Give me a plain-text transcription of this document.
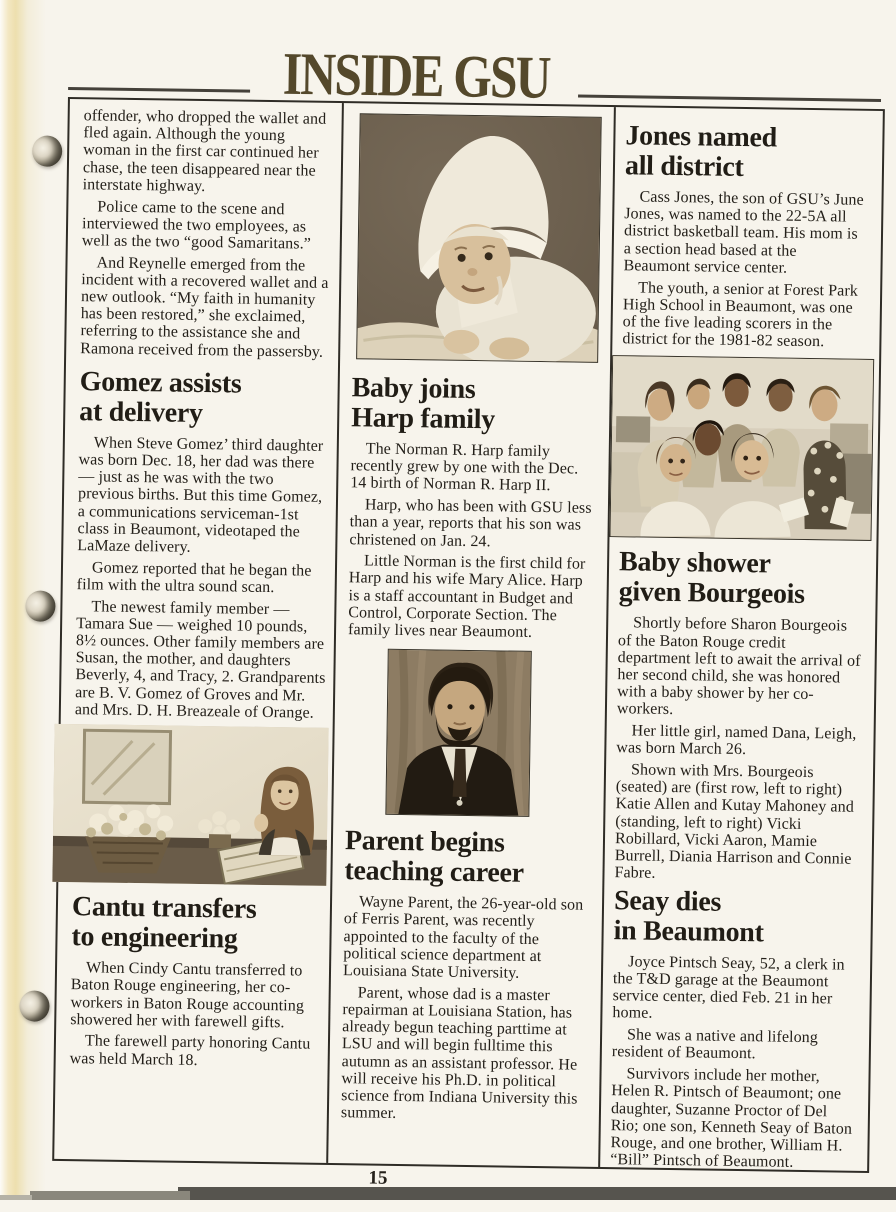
INSIDE GSU

offender, who dropped the wallet and fled again. Although the young woman in the first car continued her chase, the teen disappeared near the interstate highway.

Police came to the scene and interviewed the two employees, as well as the two “good Samaritans.”

And Reynelle emerged from the incident with a recovered wallet and a new outlook. “My faith in humanity has been restored,” she exclaimed, referring to the assistance she and Ramona received from the passersby.

Gomez assists
at delivery

When Steve Gomez’ third daughter was born Dec. 18, her dad was there — just as he was with the two previous births. But this time Gomez, a communications serviceman-1st class in Beaumont, videotaped the LaMaze delivery.

Gomez reported that he began the film with the ultra sound scan.

The newest family member — Tamara Sue — weighed 10 pounds, 8½ ounces. Other family members are Susan, the mother, and daughters Beverly, 4, and Tracy, 2. Grandparents are B. V. Gomez of Groves and Mr. and Mrs. D. H. Breazeale of Orange.

Cantu transfers
to engineering

When Cindy Cantu transferred to Baton Rouge engineering, her co-workers in Baton Rouge accounting showered her with farewell gifts.

The farewell party honoring Cantu was held March 18.

Baby joins
Harp family

The Norman R. Harp family recently grew by one with the Dec. 14 birth of Norman R. Harp II.

Harp, who has been with GSU less than a year, reports that his son was christened on Jan. 24.

Little Norman is the first child for Harp and his wife Mary Alice. Harp is a staff accountant in Budget and Control, Corporate Section. The family lives near Beaumont.

Parent begins
teaching career

Wayne Parent, the 26-year-old son of Ferris Parent, was recently appointed to the faculty of the political science department at Louisiana State University.

Parent, whose dad is a master repairman at Louisiana Station, has already begun teaching parttime at LSU and will begin fulltime this autumn as an assistant professor. He will receive his Ph.D. in political science from Indiana University this summer.

Jones named
all district

Cass Jones, the son of GSU’s June Jones, was named to the 22-5A all district basketball team. His mom is a section head based at the Beaumont service center.

The youth, a senior at Forest Park High School in Beaumont, was one of the five leading scorers in the district for the 1981-82 season.

Baby shower
given Bourgeois

Shortly before Sharon Bourgeois of the Baton Rouge credit department left to await the arrival of her second child, she was honored with a baby shower by her co-workers.

Her little girl, named Dana, Leigh, was born March 26.

Shown with Mrs. Bourgeois (seated) are (first row, left to right) Katie Allen and Kutay Mahoney and (standing, left to right) Vicki Robillard, Vicki Aaron, Mamie Burrell, Diania Harrison and Connie Fabre.

Seay dies
in Beaumont

Joyce Pintsch Seay, 52, a clerk in the T&D garage at the Beaumont service center, died Feb. 21 in her home.

She was a native and lifelong resident of Beaumont.

Survivors include her mother, Helen R. Pintsch of Beaumont; one daughter, Suzanne Proctor of Del Rio; one son, Kenneth Seay of Baton Rouge, and one brother, William H. “Bill” Pintsch of Beaumont.

15
